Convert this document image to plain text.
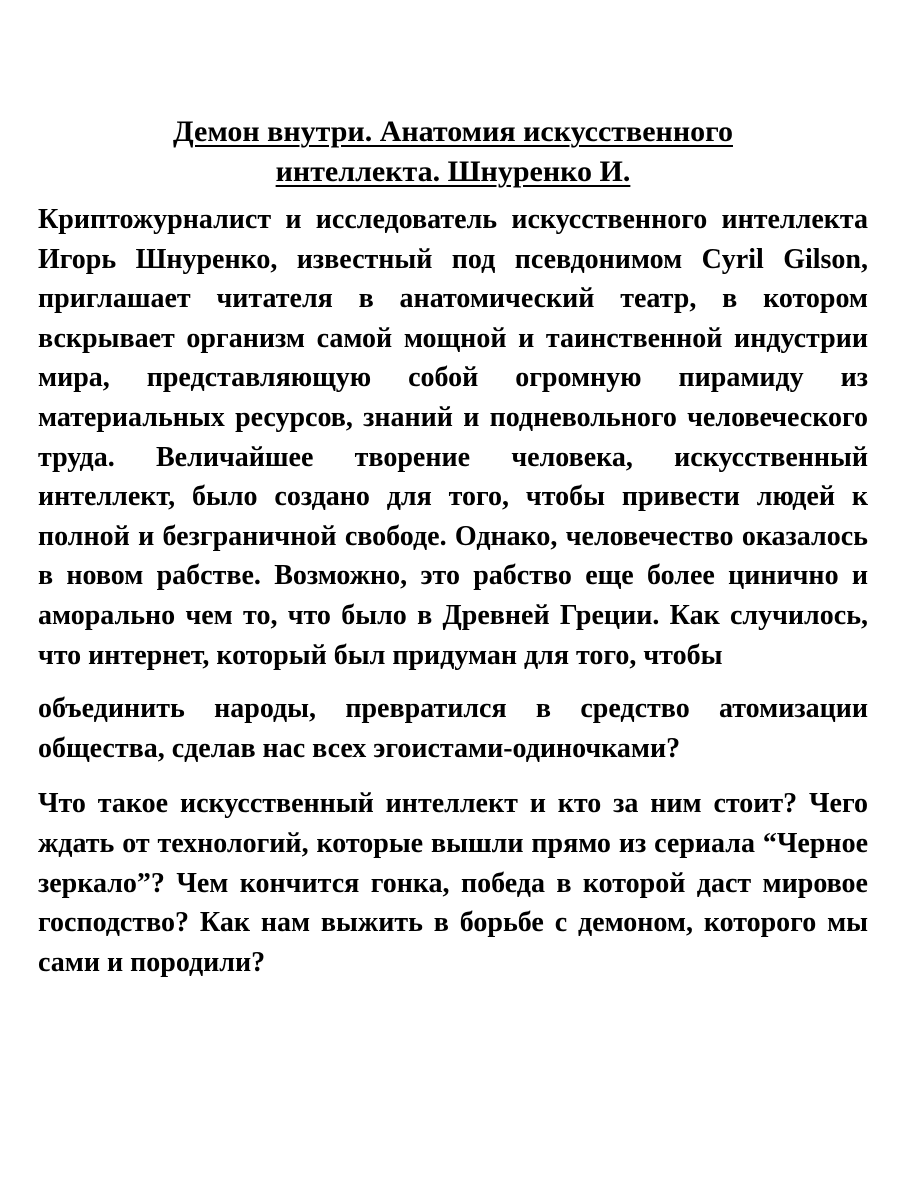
Демон внутри. Анатомия искусственного интеллекта. Шнуренко И.

Криптожурналист и исследователь искусственного интеллекта Игорь Шнуренко, известный под псевдонимом Cyril Gilson, приглашает читателя в анатомический театр, в котором вскрывает организм самой мощной и таинственной индустрии мира, представляющую собой огромную пирамиду из материальных ресурсов, знаний и подневольного человеческого труда. Величайшее творение человека, искусственный интеллект, было создано для того, чтобы привести людей к полной и безграничной свободе. Однако, человечество оказалось в новом рабстве. Возможно, это рабство еще более цинично и аморально чем то, что было в Древней Греции. Как случилось, что интернет, который был придуман для того, чтобы

объединить народы, превратился в средство атомизации общества, сделав нас всех эгоистами-одиночками?

Что такое искусственный интеллект и кто за ним стоит? Чего ждать от технологий, которые вышли прямо из сериала “Черное зеркало”? Чем кончится гонка, победа в которой даст мировое господство? Как нам выжить в борьбе с демоном, которого мы сами и породили?
